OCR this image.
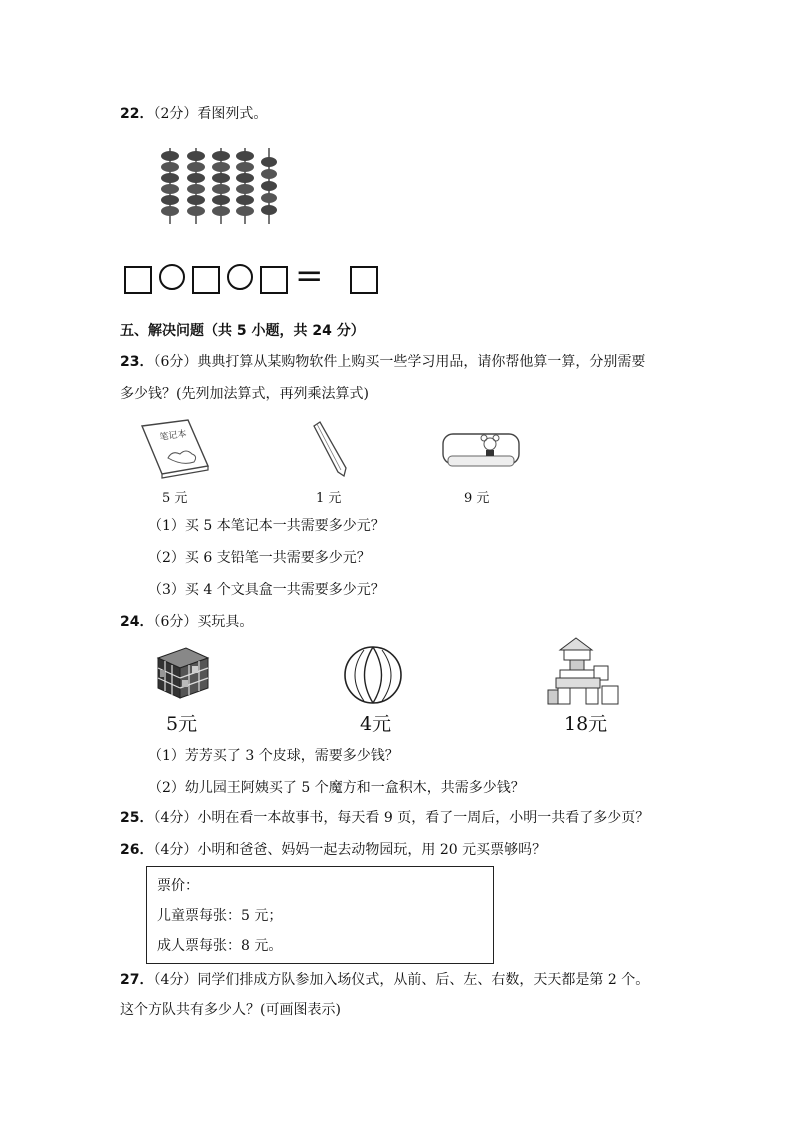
22．（2分）看图列式。
=
五、解决问题（共 5 小题，共 24 分）
23．（6分）典典打算从某购物软件上购买一些学习用品，请你帮他算一算，分别需要
多少钱？(先列加法算式，再列乘法算式)
笔记本
5 元	1 元	9 元
（1）买 5 本笔记本一共需要多少元？
（2）买 6 支铅笔一共需要多少元？
（3）买 4 个文具盒一共需要多少元？
24．（6分）买玩具。
5元	4元	18元
（1）芳芳买了 3 个皮球，需要多少钱？
（2）幼儿园王阿姨买了 5 个魔方和一盒积木，共需多少钱？
25．（4分）小明在看一本故事书，每天看 9 页，看了一周后，小明一共看了多少页？
26．（4分）小明和爸爸、妈妈一起去动物园玩，用 20 元买票够吗？
票价：
儿童票每张：5 元；
成人票每张：8 元。
27．（4分）同学们排成方队参加入场仪式，从前、后、左、右数，天天都是第 2 个。
这个方队共有多少人？(可画图表示)
